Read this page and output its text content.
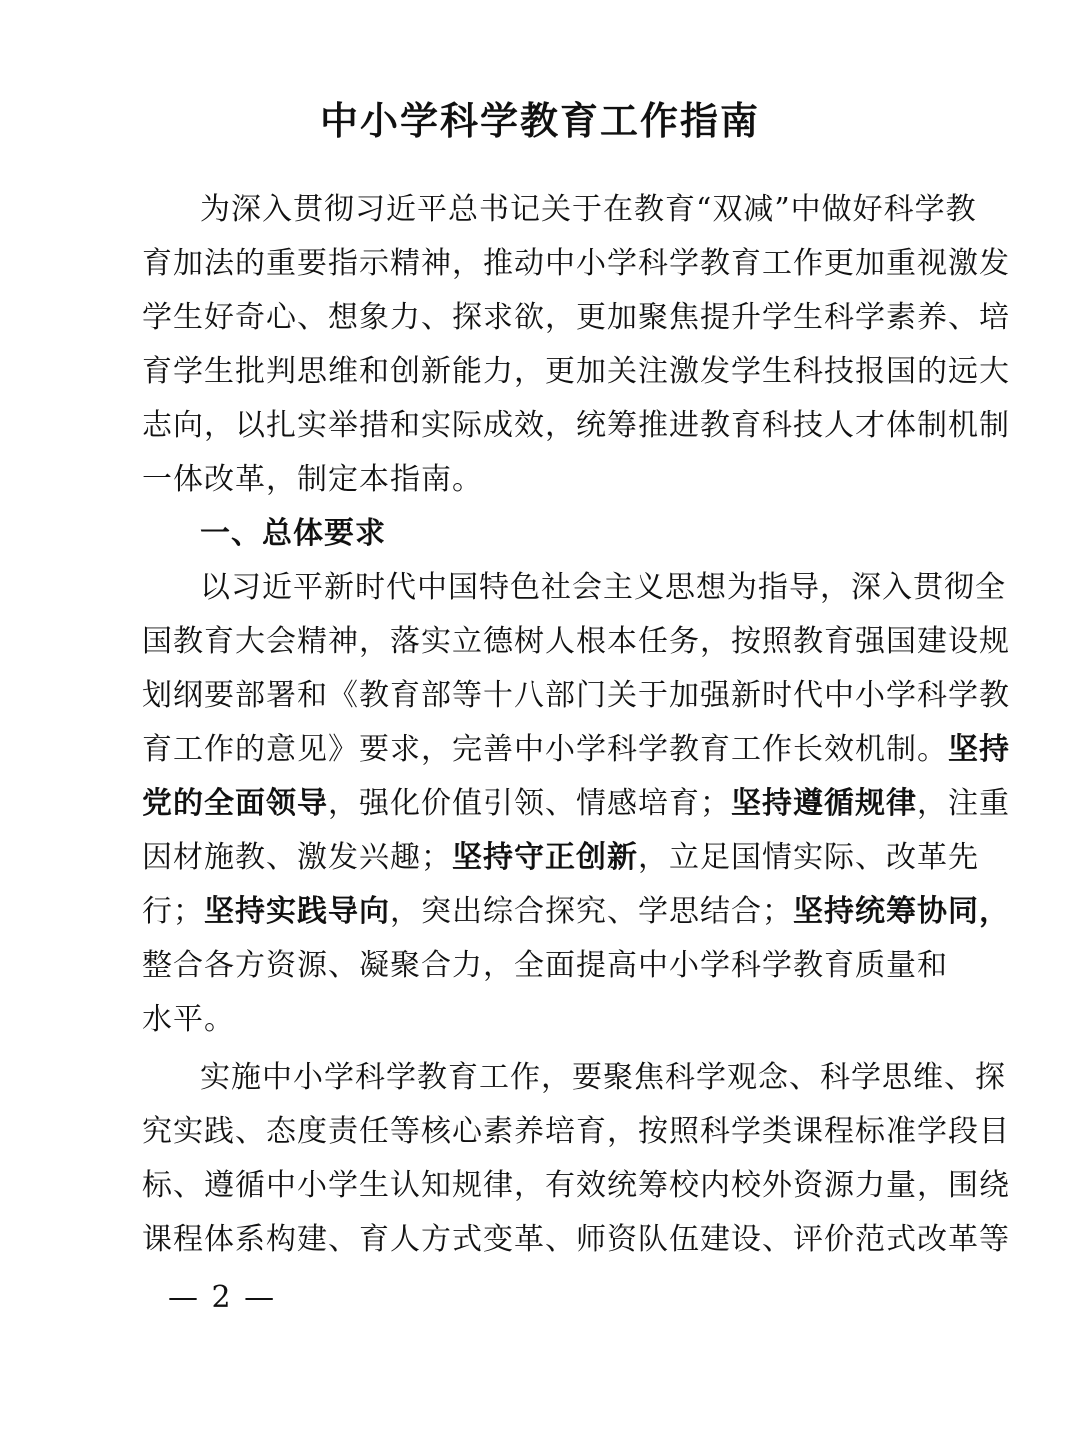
中小学科学教育工作指南

为深入贯彻习近平总书记关于在教育“双减”中做好科学教

育加法的重要指示精神，推动中小学科学教育工作更加重视激发

学生好奇心、想象力、探求欲，更加聚焦提升学生科学素养、培

育学生批判思维和创新能力，更加关注激发学生科技报国的远大

志向，以扎实举措和实际成效，统筹推进教育科技人才体制机制

一体改革，制定本指南。

一、总体要求

以习近平新时代中国特色社会主义思想为指导，深入贯彻全

国教育大会精神，落实立德树人根本任务，按照教育强国建设规

划纲要部署和《教育部等十八部门关于加强新时代中小学科学教

育工作的意见》要求，完善中小学科学教育工作长效机制。坚持

党的全面领导，强化价值引领、情感培育；坚持遵循规律，注重

因材施教、激发兴趣；坚持守正创新，立足国情实际、改革先

行；坚持实践导向，突出综合探究、学思结合；坚持统筹协同，

整合各方资源、凝聚合力，全面提高中小学科学教育质量和

水平。

实施中小学科学教育工作，要聚焦科学观念、科学思维、探

究实践、态度责任等核心素养培育，按照科学类课程标准学段目

标、遵循中小学生认知规律，有效统筹校内校外资源力量，围绕

课程体系构建、育人方式变革、师资队伍建设、评价范式改革等

— 2 —
